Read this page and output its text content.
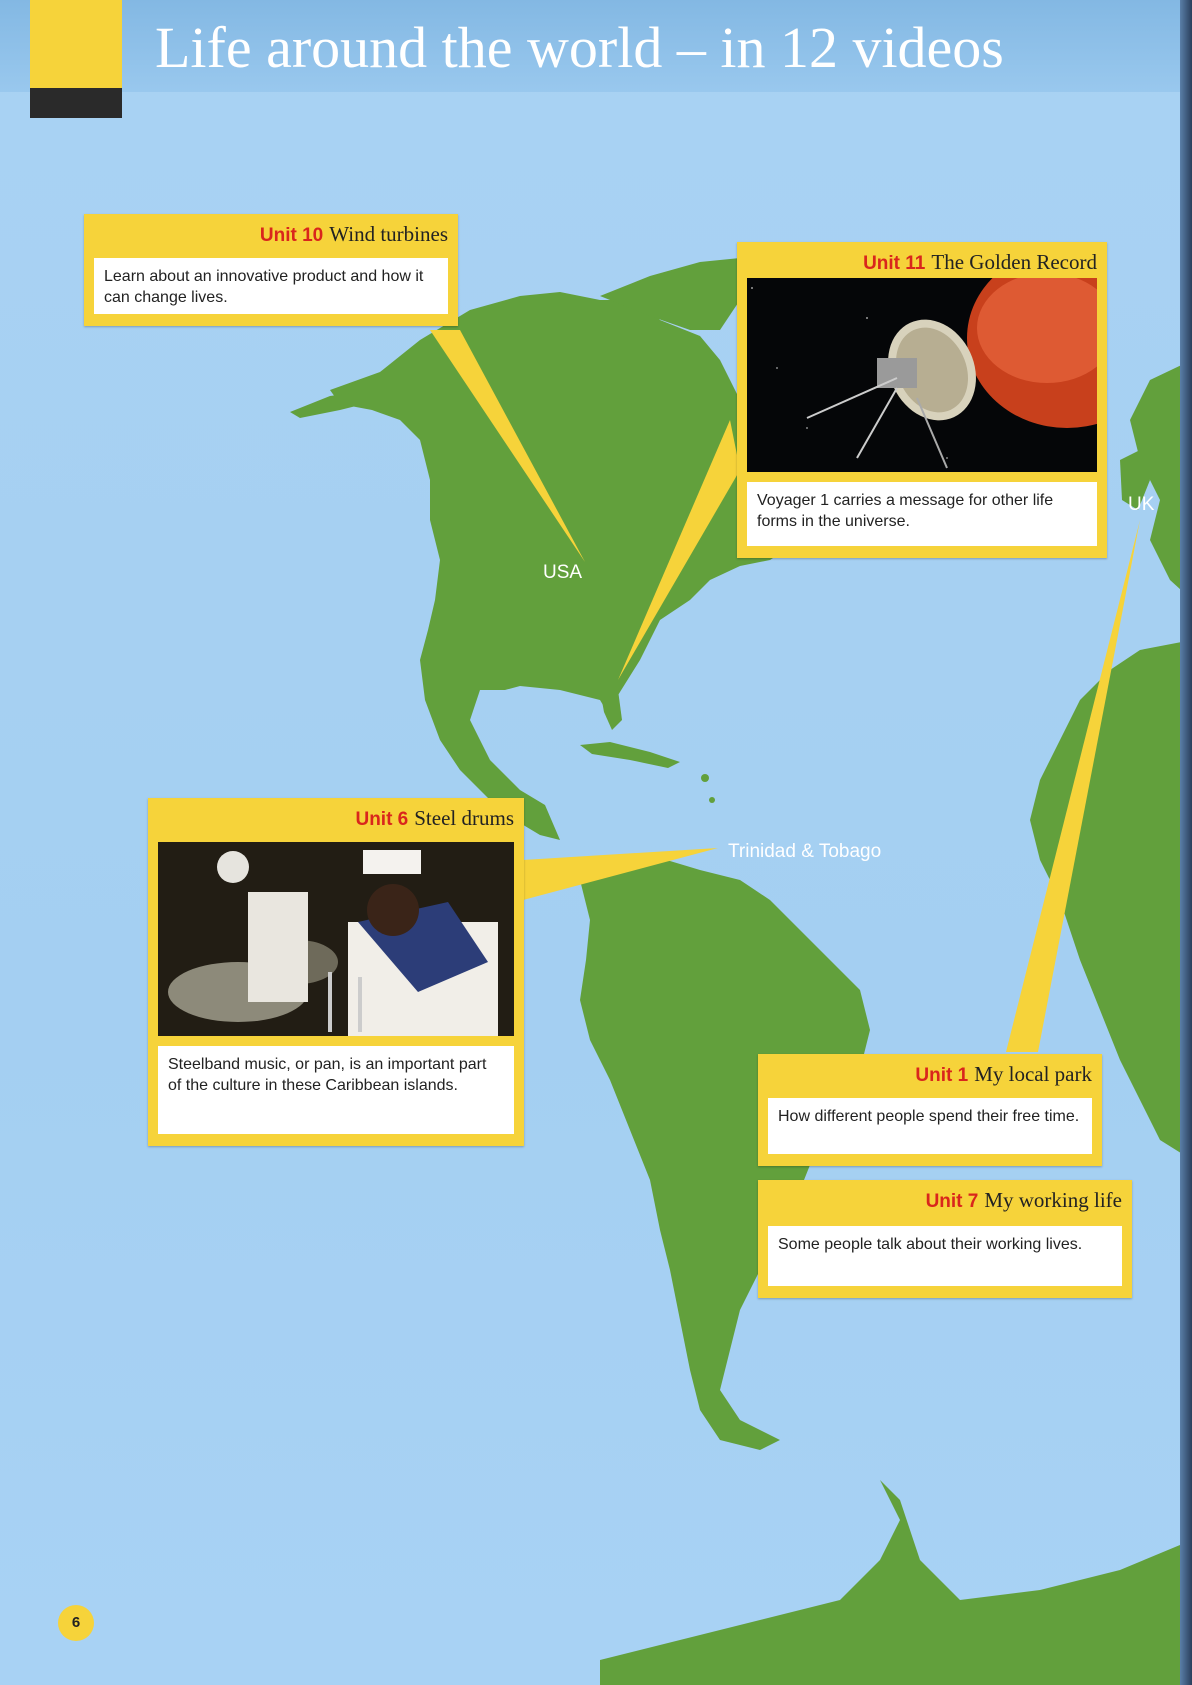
Life around the world – in 12 videos
USA
Trinidad & Tobago
UK
Unit 10 Wind turbines
Learn about an innovative product and how it can change lives.
Unit 11 The Golden Record
Voyager 1 carries a message for other life forms in the universe.
Unit 6 Steel drums
Steelband music, or pan, is an important part of the culture in these Caribbean islands.	Unit 1 My local park
How different people spend their free time.
Unit 7 My working life
Some people talk about their working lives.
6
